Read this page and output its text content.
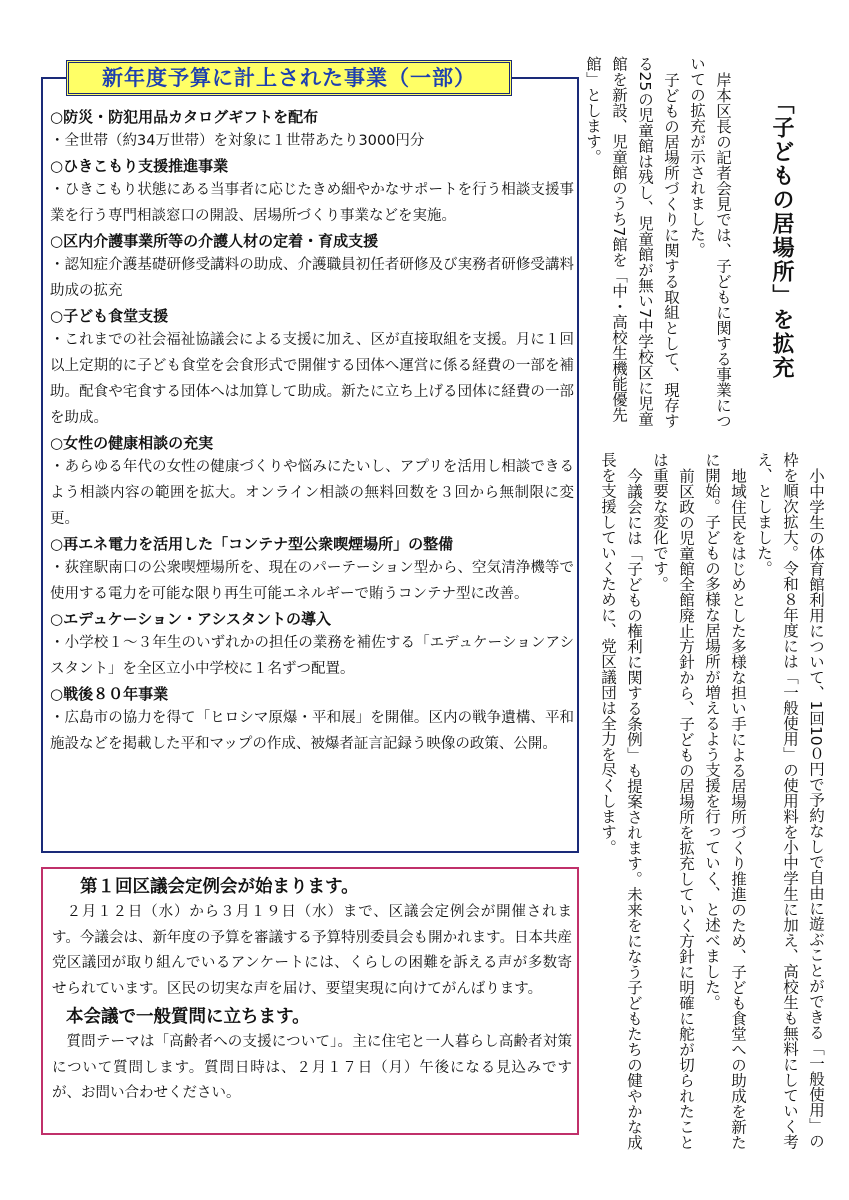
新年度予算に計上された事業（一部）

○防災・防犯用品カタログギフトを配布

・全世帯（約34万世帯）を対象に１世帯あたり3000円分

○ひきこもり支援推進事業

・ひきこもり状態にある当事者に応じたきめ細やかなサポートを行う相談支援事業を行う専門相談窓口の開設、居場所づくり事業などを実施。

○区内介護事業所等の介護人材の定着・育成支援

・認知症介護基礎研修受講料の助成、介護職員初任者研修及び実務者研修受講料助成の拡充

○子ども食堂支援

・これまでの社会福祉協議会による支援に加え、区が直接取組を支援。月に１回以上定期的に子ども食堂を会食形式で開催する団体へ運営に係る経費の一部を補助。配食や宅食する団体へは加算して助成。新たに立ち上げる団体に経費の一部を助成。

○女性の健康相談の充実

・あらゆる年代の女性の健康づくりや悩みにたいし、アプリを活用し相談できるよう相談内容の範囲を拡大。オンライン相談の無料回数を３回から無制限に変更。

○再エネ電力を活用した「コンテナ型公衆喫煙場所」の整備

・荻窪駅南口の公衆喫煙場所を、現在のパーテーション型から、空気清浄機等で使用する電力を可能な限り再生可能エネルギーで賄うコンテナ型に改善。

○エデュケーション・アシスタントの導入

・小学校１～３年生のいずれかの担任の業務を補佐する「エデュケーションアシスタント」を全区立小中学校に１名ずつ配置。

○戦後８０年事業

・広島市の協力を得て「ヒロシマ原爆・平和展」を開催。区内の戦争遺構、平和施設などを掲載した平和マップの作成、被爆者証言記録う映像の政策、公開。

第１回区議会定例会が始まります。

２月１２日（水）から３月１９日（水）まで、区議会定例会が開催されます。今議会は、新年度の予算を審議する予算特別委員会も開かれます。日本共産党区議団が取り組んでいるアンケートには、くらしの困難を訴える声が多数寄せられています。区民の切実な声を届け、要望実現に向けてがんばります。

本会議で一般質問に立ちます。

質問テーマは「高齢者への支援について」。主に住宅と一人暮らし高齢者対策について質問します。質問日時は、２月１７日（月）午後になる見込みですが、お問い合わせください。

「子どもの居場所」を拡充

岸本区長の記者会見では、子どもに関する事業についての拡充が示されました。

子どもの居場所づくりに関する取組として、現存する25の児童館は残し、児童館が無い7中学校区に児童館を新設、児童館のうち7館を「中・高校生機能優先館」とします。

小中学生の体育館利用について、1回10０円で予約なしで自由に遊ぶことができる「一般使用」の枠を順次拡大。令和８年度には「一般使用」の使用料を小中学生に加え、高校生も無料にしていく考え、としました。

地域住民をはじめとした多様な担い手による居場所づくり推進のため、子ども食堂への助成を新たに開始。子どもの多様な居場所が増えるよう支援を行っていく、と述べました。

前区政の児童館全館廃止方針から、子どもの居場所を拡充していく方針に明確に舵が切られたことは重要な変化です。

今議会には「子どもの権利に関する条例」も提案されます。未来をになう子どもたちの健やかな成長を支援していくために、党区議団は全力を尽くします。
